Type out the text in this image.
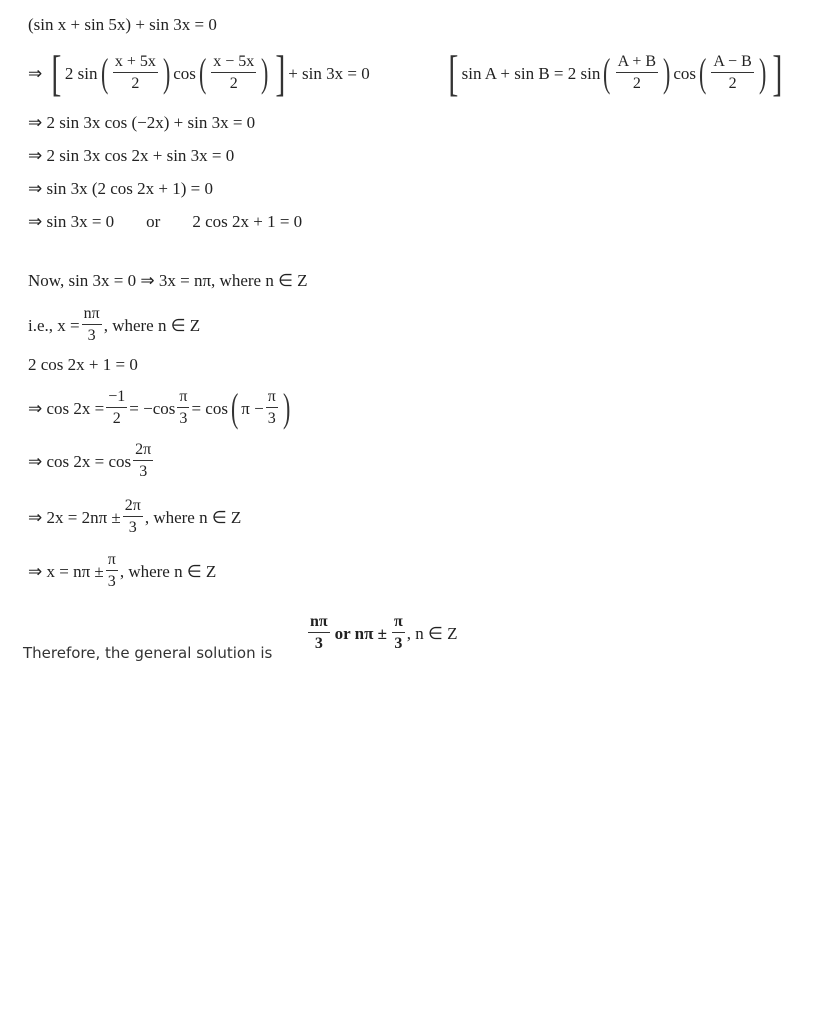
(sin x + sin 5x) + sin 3x = 0
⇒ [ 2 sin ( $\frac{x + 5x}{2}$ ) cos ( $\frac{x - 5x}{2}$ ) ] + sin 3x = 0 [ sin A + sin B = 2 sin ( $\frac{A + B}{2}$ ) cos ( $\frac{A - B}{2}$ ) ]
⇒ 2 sin 3x cos (−2x) + sin 3x = 0
⇒ 2 sin 3x cos 2x + sin 3x = 0
⇒ sin 3x (2 cos 2x + 1) = 0
⇒ sin 3x = 0 or 2 cos 2x + 1 = 0
Now, sin 3x = 0 ⇒ 3x = nπ, where n ∈ Z
i.e., $x = \frac{n\pi}{3}$ , where n ∈ Z
2 cos 2x + 1 = 0
⇒ $\cos 2x = \frac{-1}{2} = -\cos \frac{\pi}{3} = \cos$ ( $\pi - \frac{\pi}{3}$ )
⇒ $\cos 2x = \cos \frac{2\pi}{3}$
⇒ $2x = 2n\pi \pm \frac{2\pi}{3}$ , where n ∈ Z
⇒ $x = n\pi \pm \frac{\pi}{3}$ , where n ∈ Z
Therefore, the general solution is
$\frac{n\pi}{3}$ or $n\pi \pm \frac{\pi}{3}$ , n ∈ Z
